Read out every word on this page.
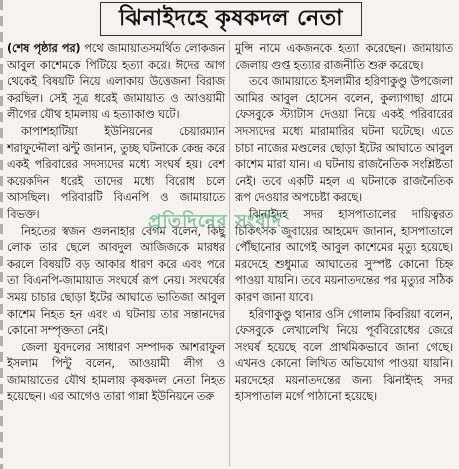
ঝিনাইদহে কৃষকদল নেতা

(শেষ পৃষ্ঠার পর) পথে জামায়াতসমর্থিত লোকজন আবুল কাশেমকে পিটিয়ে হত্যা করে। ঈদের আগ থেকেই বিষয়টি নিয়ে এলাকায় উত্তেজনা বিরাজ করছিল। সেই সূত্র ধরেই জামায়াত ও আওয়ামী লীগের যৌথ হামলায় এ হত্যাকাণ্ড ঘটে।

কাপাশহাটিয়া ইউনিয়নের চেয়ারম্যান শরাফুদ্দৌলা ঝন্টু জানান, তুচ্ছ ঘটনাকে কেন্দ্র করে একই পরিবারের সদস্যদের মধ্যে সংঘর্ষ হয়। বেশ কয়েকদিন ধরেই তাদের মধ্যে বিরোধ চলে আসছিল। পরিবারটি বিএনপি ও জামায়াতে বিভক্ত।

নিহতের স্বজন গুলনাহার বেগম বলেন, কিছু লোক তার ছেলে আবদুল আজিজকে মারধর করলে বিষয়টি বড় আকার ধারণ করে এবং পরে তা বিএনপি-জামায়াত সংঘর্ষে রূপ নেয়। সংঘর্ষের সময় চাচার ছোড়া ইটের আঘাতে ভাতিজা আবুল কাশেম নিহত হন এবং এ ঘটনায় তার সন্তানদের কোনো সম্পৃক্ততা নেই।

জেলা যুবদলের সাধারণ সম্পাদক আশরাফুল ইসলাম পিন্টু বলেন, আওয়ামী লীগ ও জামায়াতের যৌথ হামলায় কৃষকদল নেতা নিহত হয়েছেন। এর আগেও তারা গান্না ইউনিয়নে তরু

মুন্সি নামে একজনকে হত্যা করেছেন। জামায়াত জেলায় গুপ্ত হত্যার রাজনীতি শুরু করেছে।

তবে জামায়াতে ইসলামীর হরিণাকুণ্ডু উপজেলা আমির আবুল হোসেন বলেন, কুল্যাগাছা গ্রামে ফেসবুকে স্ট্যাটাস দেওয়া নিয়ে একই পরিবারের সদস্যদের মধ্যে মারামারির ঘটনা ঘটেছে। এতে চাচা নাজের মণ্ডলের ছোড়া ইটের আঘাতে আবুল কাশেম মারা যান। এ ঘটনায় রাজনৈতিক সংশ্লিষ্টতা নেই। তবে একটি মহল এ ঘটনাকে রাজনৈতিক রূপ দেওয়ার অপচেষ্টা করছে।

ঝিনাইদহ সদর হাসপাতালের দায়িত্বরত চিকিৎসক জুবায়ের আহমেদ জানান, হাসপাতালে পৌঁছানোর আগেই আবুল কাশেমের মৃত্যু হয়েছে। মরদেহে শুধুমাত্র আঘাতের সুস্পষ্ট কোনো চিহ্ন পাওয়া যায়নি। তবে ময়নাতদন্তের পর মৃত্যুর সঠিক কারণ জানা যাবে।

হরিণাকুণ্ডু থানার ওসি গোলাম কিবরিয়া বলেন, ফেসবুকে লেখালেখি নিয়ে পূর্ববিরোধের জেরে সংঘর্ষ হয়েছে বলে প্রাথমিকভাবে জানা গেছে। এখনও কোনো লিখিত অভিযোগ পাওয়া যায়নি। মরদেহের ময়নাতদন্তের জন্য ঝিনাইদহ সদর হাসপাতাল মর্গে পাঠানো হয়েছে।

প্রতিদিনের সংবাদ
